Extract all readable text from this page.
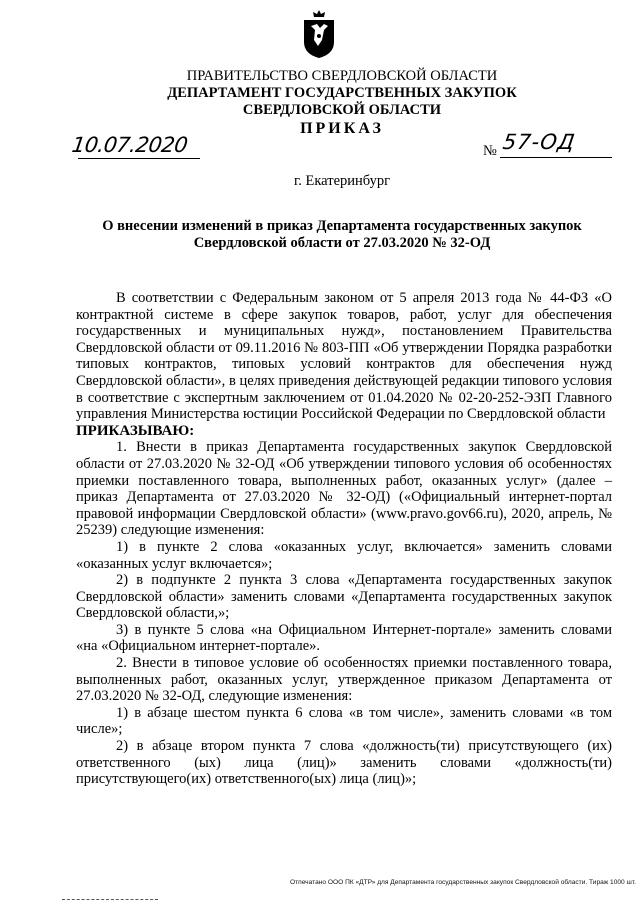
ПРАВИТЕЛЬСТВО СВЕРДЛОВСКОЙ ОБЛАСТИ
ДЕПАРТАМЕНТ ГОСУДАРСТВЕННЫХ ЗАКУПОК
СВЕРДЛОВСКОЙ ОБЛАСТИ
ПРИКАЗ
10.07.2020	№ 57-ОД
г. Екатеринбург
О внесении изменений в приказ Департамента государственных закупок
Свердловской области от 27.03.2020 № 32-ОД

В соответствии с Федеральным законом от 5 апреля 2013 года № 44-ФЗ «О контрактной системе в сфере закупок товаров, работ, услуг для обеспечения государственных и муниципальных нужд», постановлением Правительства Свердловской области от 09.11.2016 № 803-ПП «Об утверждении Порядка разработки типовых контрактов, типовых условий контрактов для обеспечения нужд Свердловской области», в целях приведения действующей редакции типового условия в соответствие с экспертным заключением от 01.04.2020 № 02-20-252-ЭЗП Главного управления Министерства юстиции Российской Федерации по Свердловской области

ПРИКАЗЫВАЮ:

1. Внести в приказ Департамента государственных закупок Свердловской области от 27.03.2020 № 32-ОД «Об утверждении типового условия об особенностях приемки поставленного товара, выполненных работ, оказанных услуг» (далее – приказ Департамента от 27.03.2020 № 32-ОД) («Официальный интернет-портал правовой информации Свердловской области» (www.pravo.gov66.ru), 2020, апрель, № 25239) следующие изменения:

1) в пункте 2 слова «оказанных услуг, включается» заменить словами «оказанных услуг включается»;

2) в подпункте 2 пункта 3 слова «Департамента государственных закупок Свердловской области» заменить словами «Департамента государственных закупок Свердловской области,»;

3) в пункте 5 слова «на Официальном Интернет-портале» заменить словами «на «Официальном интернет-портале».

2. Внести в типовое условие об особенностях приемки поставленного товара, выполненных работ, оказанных услуг, утвержденное приказом Департамента от 27.03.2020 № 32-ОД, следующие изменения:

1) в абзаце шестом пункта 6 слова «в том числе», заменить словами «в том числе»;

2) в абзаце втором пункта 7 слова «должность(ти) присутствующего (их) ответственного (ых) лица (лиц)» заменить словами «должность(ти) присутствующего(их) ответственного(ых) лица (лиц)»;

Отпечатано ООО ПК «ДТР» для Департамента государственных закупок Свердловской области. Тираж 1000 шт.
